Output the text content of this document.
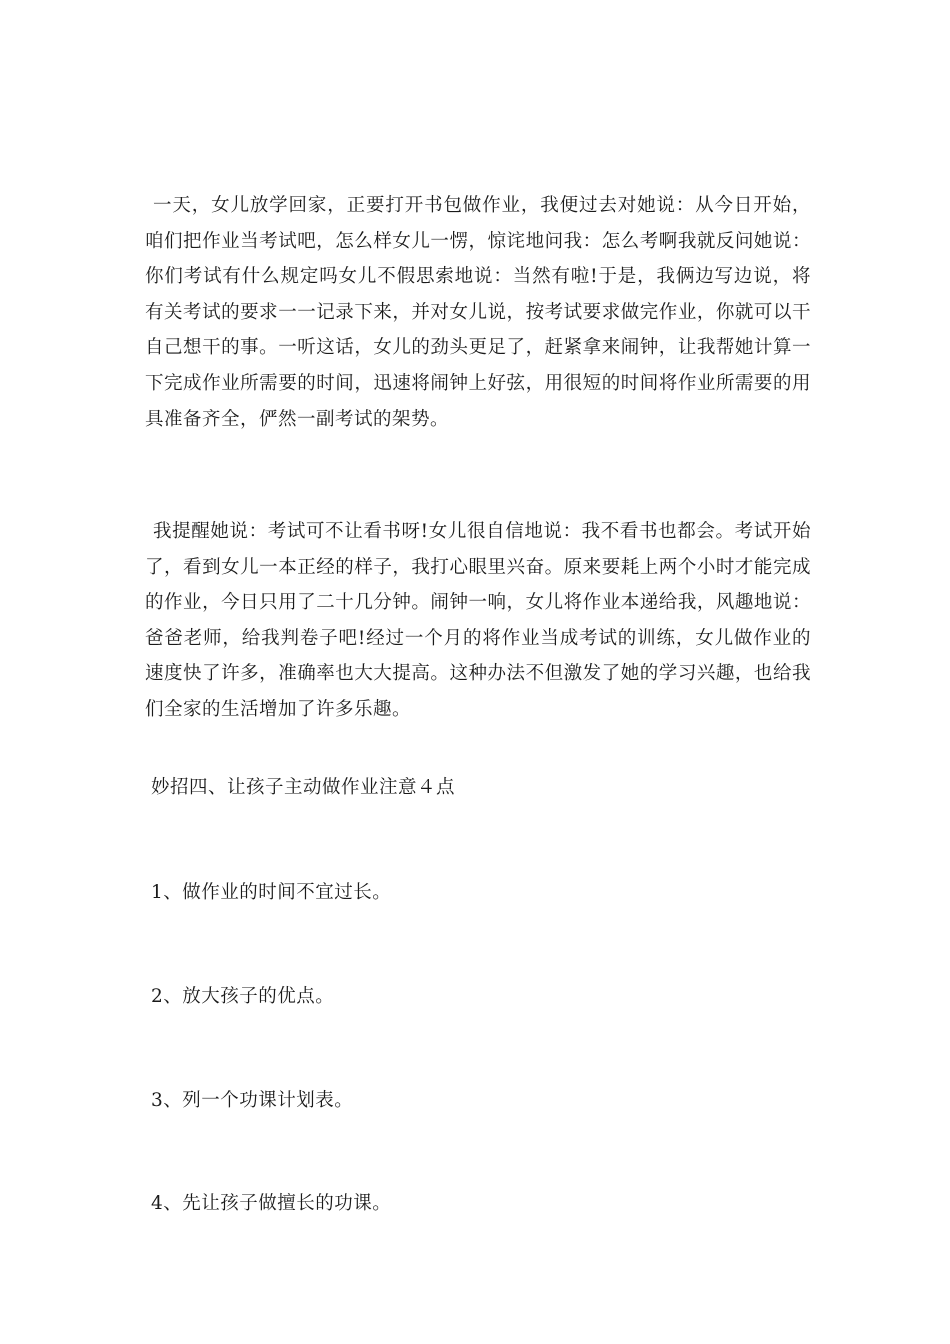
一天，女儿放学回家，正要打开书包做作业，我便过去对她说：从今日开始，咱们把作业当考试吧，怎么样女儿一愣，惊诧地问我：怎么考啊我就反问她说：你们考试有什么规定吗女儿不假思索地说：当然有啦!于是，我俩边写边说，将有关考试的要求一一记录下来，并对女儿说，按考试要求做完作业，你就可以干自己想干的事。一听这话，女儿的劲头更足了，赶紧拿来闹钟，让我帮她计算一下完成作业所需要的时间，迅速将闹钟上好弦，用很短的时间将作业所需要的用具准备齐全，俨然一副考试的架势。

我提醒她说：考试可不让看书呀!女儿很自信地说：我不看书也都会。考试开始了，看到女儿一本正经的样子，我打心眼里兴奋。原来要耗上两个小时才能完成的作业，今日只用了二十几分钟。闹钟一响，女儿将作业本递给我，风趣地说：爸爸老师，给我判卷子吧!经过一个月的将作业当成考试的训练，女儿做作业的速度快了许多，准确率也大大提高。这种办法不但激发了她的学习兴趣，也给我们全家的生活增加了许多乐趣。

妙招四、让孩子主动做作业注意４点

1、做作业的时间不宜过长。

2、放大孩子的优点。

3、列一个功课计划表。

4、先让孩子做擅长的功课。
